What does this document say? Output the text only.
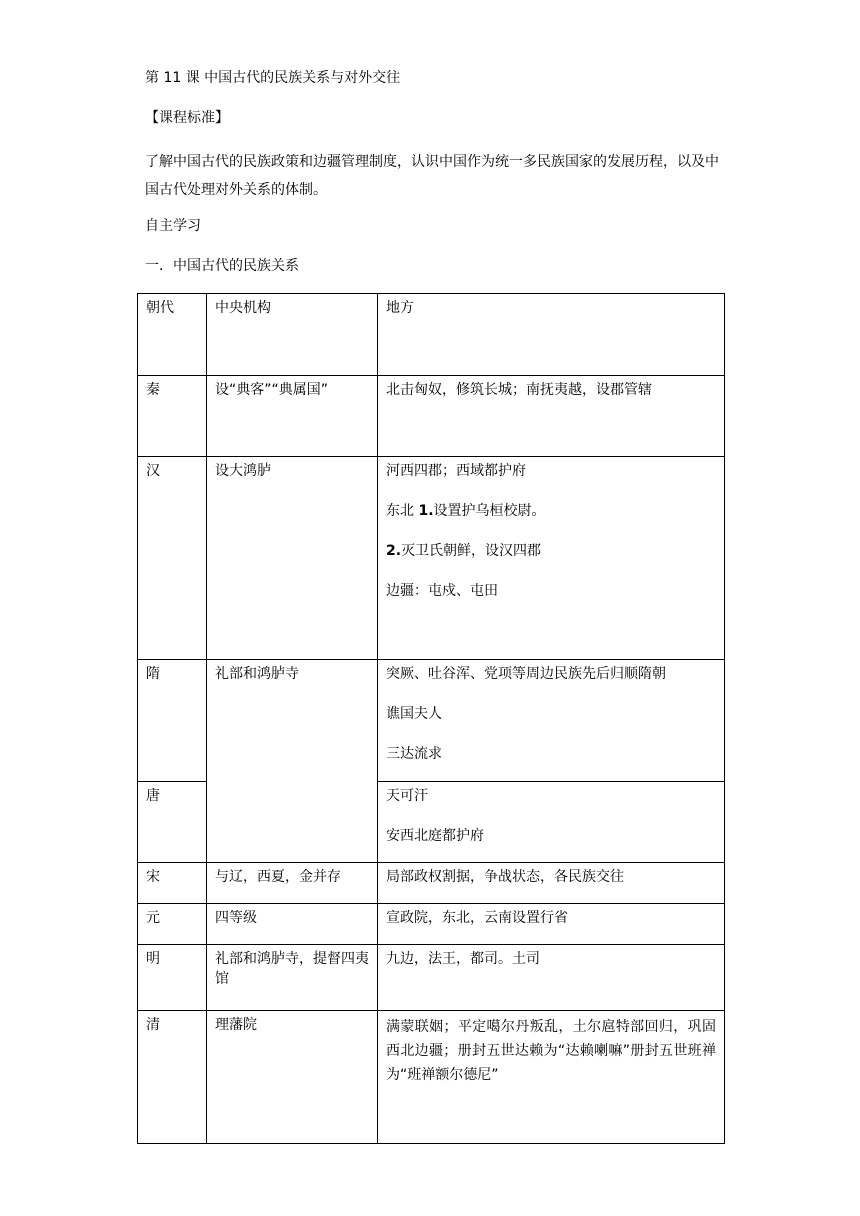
第 11 课 中国古代的民族关系与对外交往
【课程标准】
了解中国古代的民族政策和边疆管理制度，认识中国作为统一多民族国家的发展历程，以及中国古代处理对外关系的体制。
自主学习
一．中国古代的民族关系
朝代	中央机构	地方
秦	设“典客”“典属国”	北击匈奴，修筑长城；南抚夷越，设郡管辖
汉	设大鸿胪	河西四郡；西域都护府

东北 1.设置护乌桓校尉。

2.灭卫氏朝鲜，设汉四郡

边疆：屯戍、屯田

隋	礼部和鸿胪寺	突厥、吐谷浑、党项等周边民族先后归顺隋朝

谯国夫人

三达流求

唐		天可汗

安西北庭都护府

宋	与辽，西夏，金并存	局部政权割据，争战状态，各民族交往
元	四等级	宣政院，东北，云南设置行省
明	礼部和鸿胪寺，提督四夷馆	九边，法王，都司。土司
清	理藩院	满蒙联姻；平定噶尔丹叛乱，土尔扈特部回归，巩固西北边疆；册封五世达赖为“达赖喇嘛”册封五世班禅为“班禅额尔德尼”
